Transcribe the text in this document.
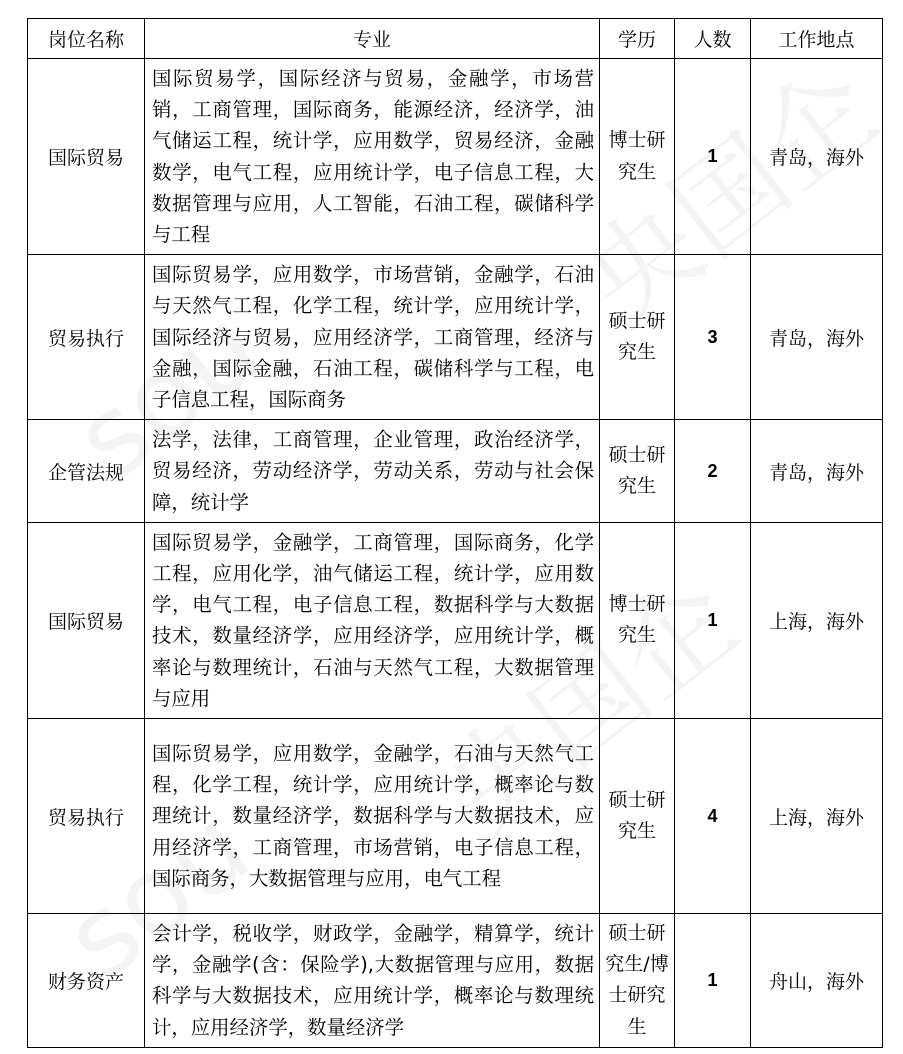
岗位名称	专业	学历	人数	工作地点
国际贸易	国际贸易学，国际经济与贸易，金融学，市场营销，工商管理，国际商务，能源经济，经济学，油气储运工程，统计学，应用数学，贸易经济，金融数学，电气工程，应用统计学，电子信息工程，大数据管理与应用，人工智能，石油工程，碳储科学与工程	博士研究生	1	青岛，海外
贸易执行	国际贸易学，应用数学，市场营销，金融学，石油与天然气工程，化学工程，统计学，应用统计学，国际经济与贸易，应用经济学，工商管理，经济与金融，国际金融，石油工程，碳储科学与工程，电子信息工程，国际商务	硕士研究生	3	青岛，海外
企管法规	法学，法律，工商管理，企业管理，政治经济学，贸易经济，劳动经济学，劳动关系，劳动与社会保障，统计学	硕士研究生	2	青岛，海外
国际贸易	国际贸易学，金融学，工商管理，国际商务，化学工程，应用化学，油气储运工程，统计学，应用数学，电气工程，电子信息工程，数据科学与大数据技术，数量经济学，应用经济学，应用统计学，概率论与数理统计，石油与天然气工程，大数据管理与应用	博士研究生	1	上海，海外
贸易执行	国际贸易学，应用数学，金融学，石油与天然气工程，化学工程，统计学，应用统计学，概率论与数理统计，数量经济学，数据科学与大数据技术，应用经济学，工商管理，市场营销，电子信息工程，国际商务，大数据管理与应用，电气工程	硕士研究生	4	上海，海外
财务资产	会计学，税收学，财政学，金融学，精算学，统计学，金融学(含：保险学),大数据管理与应用，数据科学与大数据技术，应用统计学，概率论与数理统计，应用经济学，数量经济学	硕士研究生/博士研究生	1	舟山，海外
